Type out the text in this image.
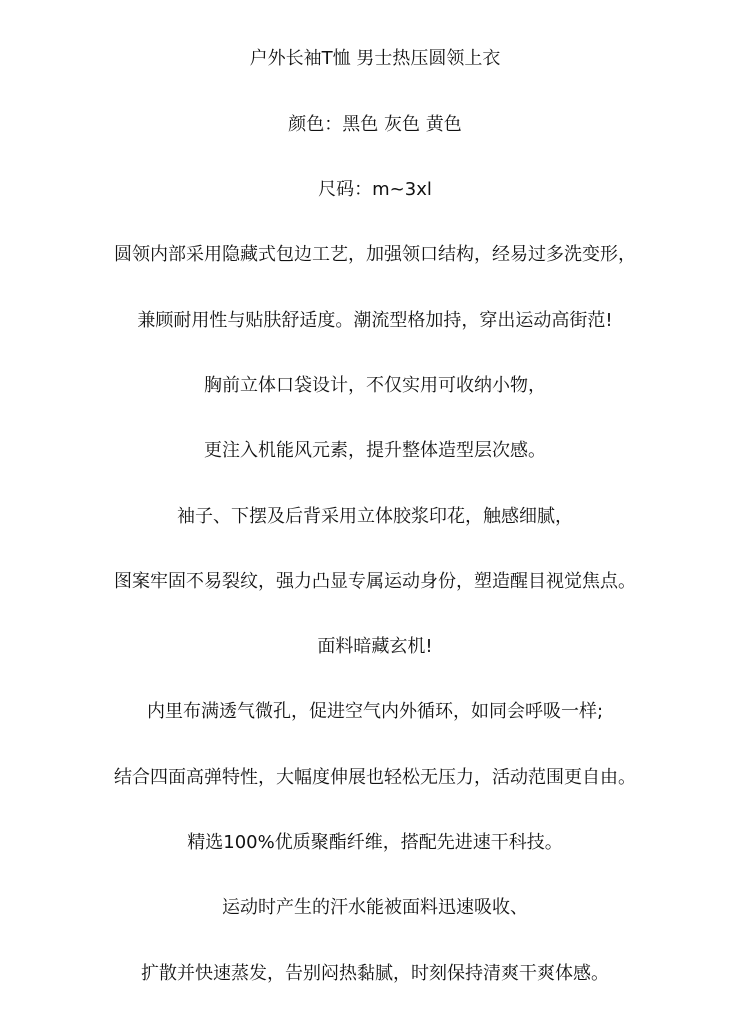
户外长袖T恤 男士热压圆领上衣
颜色：黑色 灰色 黄色
尺码：m~3xl
圆领内部采用隐藏式包边工艺，加强领口结构，经易过多洗变形，
兼顾耐用性与贴肤舒适度。潮流型格加持，穿出运动高街范!
胸前立体口袋设计，不仅实用可收纳小物，
更注入机能风元素，提升整体造型层次感。
袖子、下摆及后背采用立体胶浆印花，触感细腻，
图案牢固不易裂纹，强力凸显专属运动身份，塑造醒目视觉焦点。
面料暗藏玄机!
内里布满透气微孔，促进空气内外循环，如同会呼吸一样;
结合四面高弹特性，大幅度伸展也轻松无压力，活动范围更自由。
精选100%优质聚酯纤维，搭配先进速干科技。
运动时产生的汗水能被面料迅速吸收、
扩散并快速蒸发，告别闷热黏腻，时刻保持清爽干爽体感。
